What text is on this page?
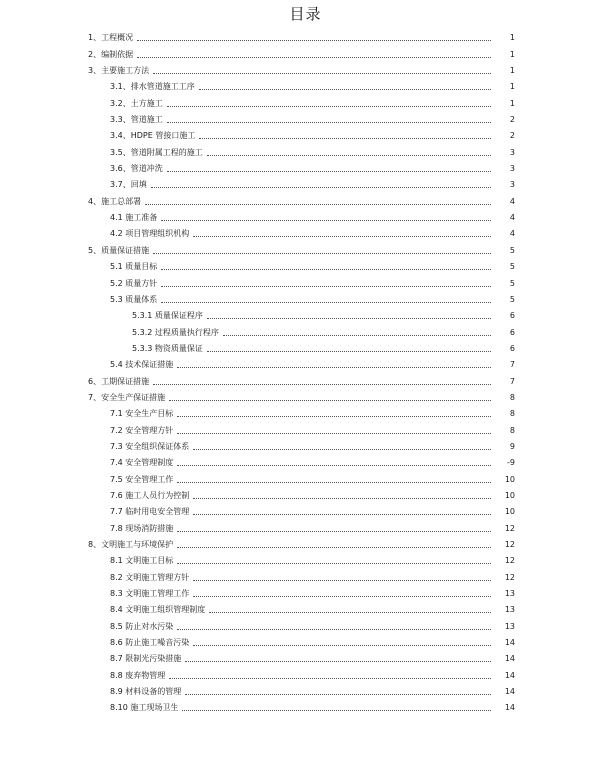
目录
1、工程概况	1
2、编制依据	1
3、主要施工方法	1
3.1、排水管道施工工序	1
3.2、土方施工	1
3.3、管道施工	2
3.4、HDPE 管接口施工	2
3.5、管道附属工程的施工	3
3.6、管道冲洗	3
3.7、回填	3
4、施工总部署	4
4.1 施工准备	4
4.2 项目管理组织机构	4
5、质量保证措施	5
5.1 质量目标	5
5.2 质量方针	5
5.3 质量体系	5
5.3.1 质量保证程序	6
5.3.2 过程质量执行程序	6
5.3.3 物资质量保证	6
5.4 技术保证措施	7
6、工期保证措施	7
7、安全生产保证措施	8
7.1 安全生产目标	8
7.2 安全管理方针	8
7.3 安全组织保证体系	9
7.4 安全管理制度	-9
7.5 安全管理工作	10
7.6 施工人员行为控制	10
7.7 临时用电安全管理	10
7.8 现场消防措施	12
8、文明施工与环境保护	12
8.1 文明施工目标	12
8.2 文明施工管理方针	12
8.3 文明施工管理工作	13
8.4 文明施工组织管理制度	13
8.5 防止对水污染	13
8.6 防止施工噪音污染	14
8.7 限制光污染措施	14
8.8 废弃物管理	14
8.9 材料设备的管理	14
8.10 施工现场卫生	14
